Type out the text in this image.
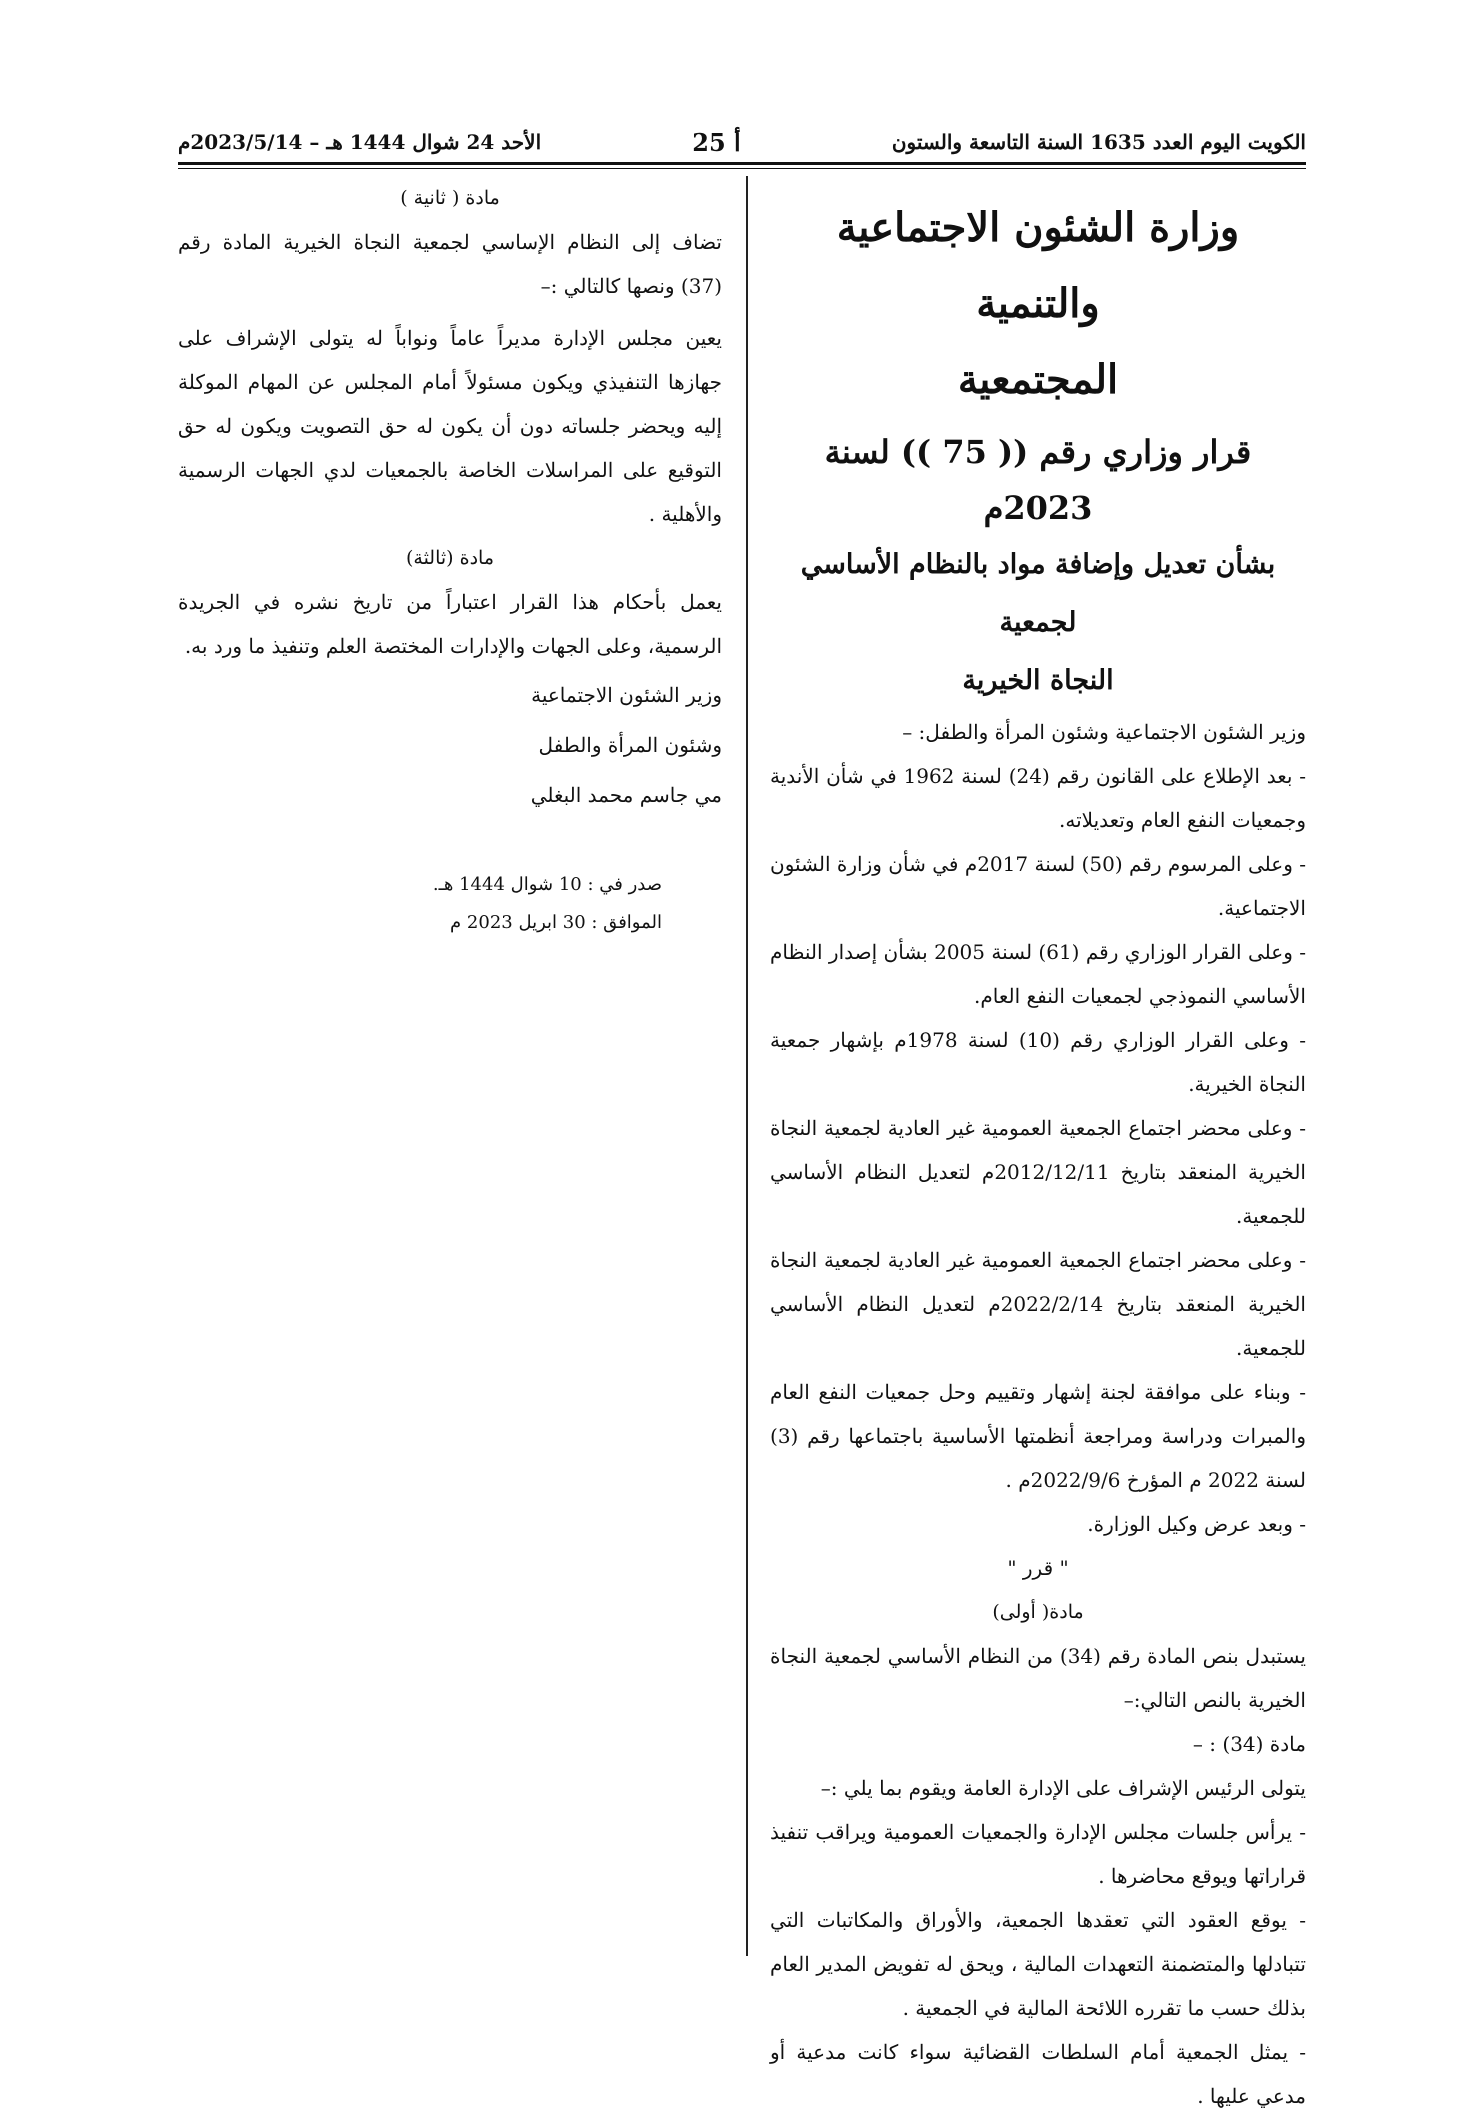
الكويت اليوم العدد 1635 السنة التاسعة والستون
أ 25
الأحد 24 شوال 1444 هـ – 2023/5/14م
وزارة الشئون الاجتماعية والتنمية
المجتمعية
قرار وزاري رقم (( 75 )) لسنة 2023م
بشأن تعديل وإضافة مواد بالنظام الأساسي لجمعية
النجاة الخيرية

وزير الشئون الاجتماعية وشئون المرأة والطفل: –

- بعد الإطلاع على القانون رقم (24) لسنة 1962 في شأن الأندية وجمعيات النفع العام وتعديلاته.

- وعلى المرسوم رقم (50) لسنة 2017م في شأن وزارة الشئون الاجتماعية.

- وعلى القرار الوزاري رقم (61) لسنة 2005 بشأن إصدار النظام الأساسي النموذجي لجمعيات النفع العام.

- وعلى القرار الوزاري رقم (10) لسنة 1978م بإشهار جمعية النجاة الخيرية.

- وعلى محضر اجتماع الجمعية العمومية غير العادية لجمعية النجاة الخيرية المنعقد بتاريخ 2012/12/11م لتعديل النظام الأساسي للجمعية.

- وعلى محضر اجتماع الجمعية العمومية غير العادية لجمعية النجاة الخيرية المنعقد بتاريخ 2022/2/14م لتعديل النظام الأساسي للجمعية.

- وبناء على موافقة لجنة إشهار وتقييم وحل جمعيات النفع العام والمبرات ودراسة ومراجعة أنظمتها الأساسية باجتماعها رقم (3) لسنة 2022 م المؤرخ 2022/9/6م .

- وبعد عرض وكيل الوزارة.

" قرر "

مادة( أولى)

يستبدل بنص المادة رقم (34) من النظام الأساسي لجمعية النجاة الخيرية بالنص التالي:–

مادة (34) : –

يتولى الرئيس الإشراف على الإدارة العامة ويقوم بما يلي :–

- يرأس جلسات مجلس الإدارة والجمعيات العمومية ويراقب تنفيذ قراراتها ويوقع محاضرها .

- يوقع العقود التي تعقدها الجمعية، والأوراق والمكاتبات التي تتبادلها والمتضمنة التعهدات المالية ، ويحق له تفويض المدير العام بذلك حسب ما تقرره اللائحة المالية في الجمعية .

- يمثل الجمعية أمام السلطات القضائية سواء كانت مدعية أو مدعي عليها .

مادة ( ثانية )

تضاف إلى النظام الإساسي لجمعية النجاة الخيرية المادة رقم (37) ونصها كالتالي :–

يعين مجلس الإدارة مديراً عاماً ونواباً له يتولى الإشراف على جهازها التنفيذي ويكون مسئولاً أمام المجلس عن المهام الموكلة إليه ويحضر جلساته دون أن يكون له حق التصويت ويكون له حق التوقيع على المراسلات الخاصة بالجمعيات لدي الجهات الرسمية والأهلية .

مادة (ثالثة)

يعمل بأحكام هذا القرار اعتباراً من تاريخ نشره في الجريدة الرسمية، وعلى الجهات والإدارات المختصة العلم وتنفيذ ما ورد به.

وزير الشئون الاجتماعية
وشئون المرأة والطفل
مي جاسم محمد البغلي
صدر في : 10 شوال 1444 هـ.
الموافق : 30 ابريل 2023 م
